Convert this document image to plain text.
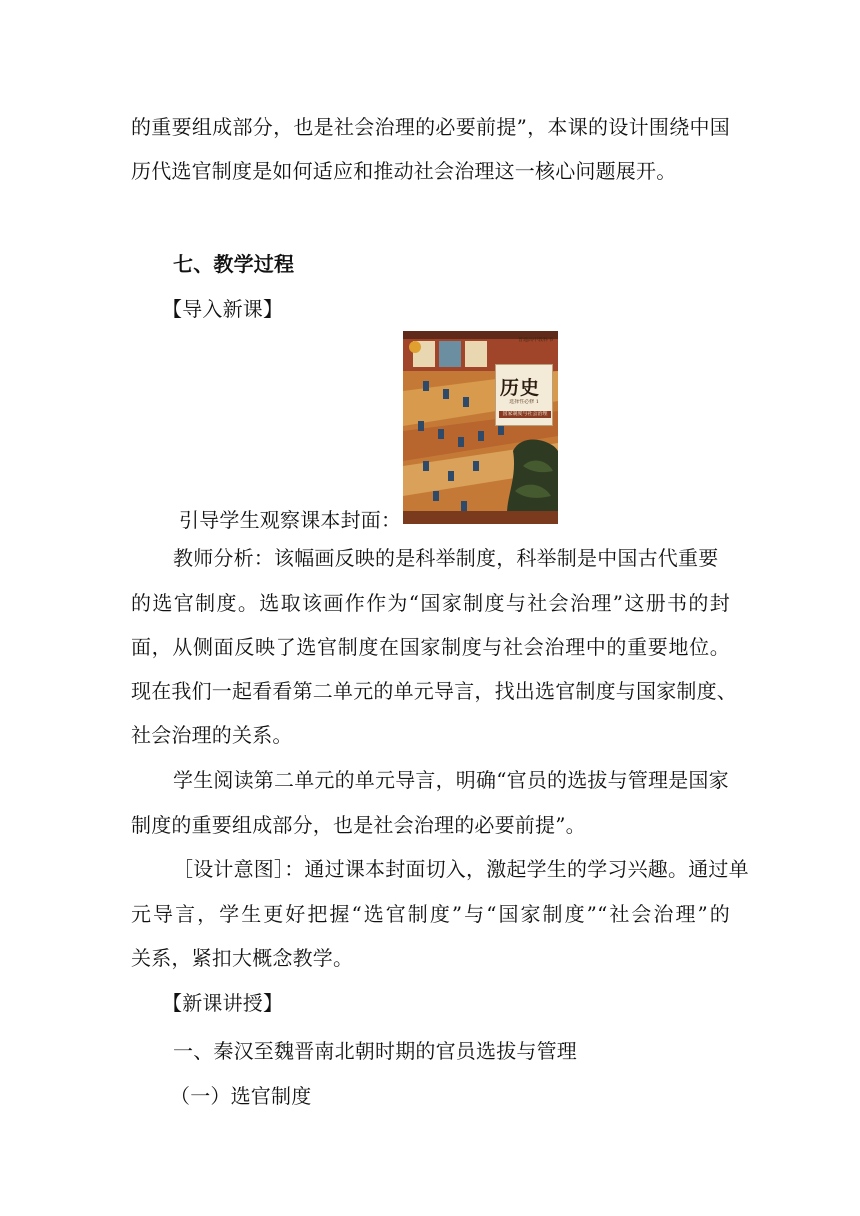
的重要组成部分，也是社会治理的必要前提”，本课的设计围绕中国
历代选官制度是如何适应和推动社会治理这一核心问题展开。
七、教学过程
【导入新课】
普通高中教科书
历史
选择性必修 1
国家制度与社会治理
引导学生观察课本封面：
教师分析：该幅画反映的是科举制度，科举制是中国古代重要
的选官制度。选取该画作作为“国家制度与社会治理”这册书的封
面，从侧面反映了选官制度在国家制度与社会治理中的重要地位。
现在我们一起看看第二单元的单元导言，找出选官制度与国家制度、
社会治理的关系。
学生阅读第二单元的单元导言，明确“官员的选拔与管理是国家
制度的重要组成部分，也是社会治理的必要前提”。
［设计意图］：通过课本封面切入，激起学生的学习兴趣。通过单
元导言，学生更好把握“选官制度”与“国家制度”“社会治理”的
关系，紧扣大概念教学。
【新课讲授】
一、秦汉至魏晋南北朝时期的官员选拔与管理
（一）选官制度
